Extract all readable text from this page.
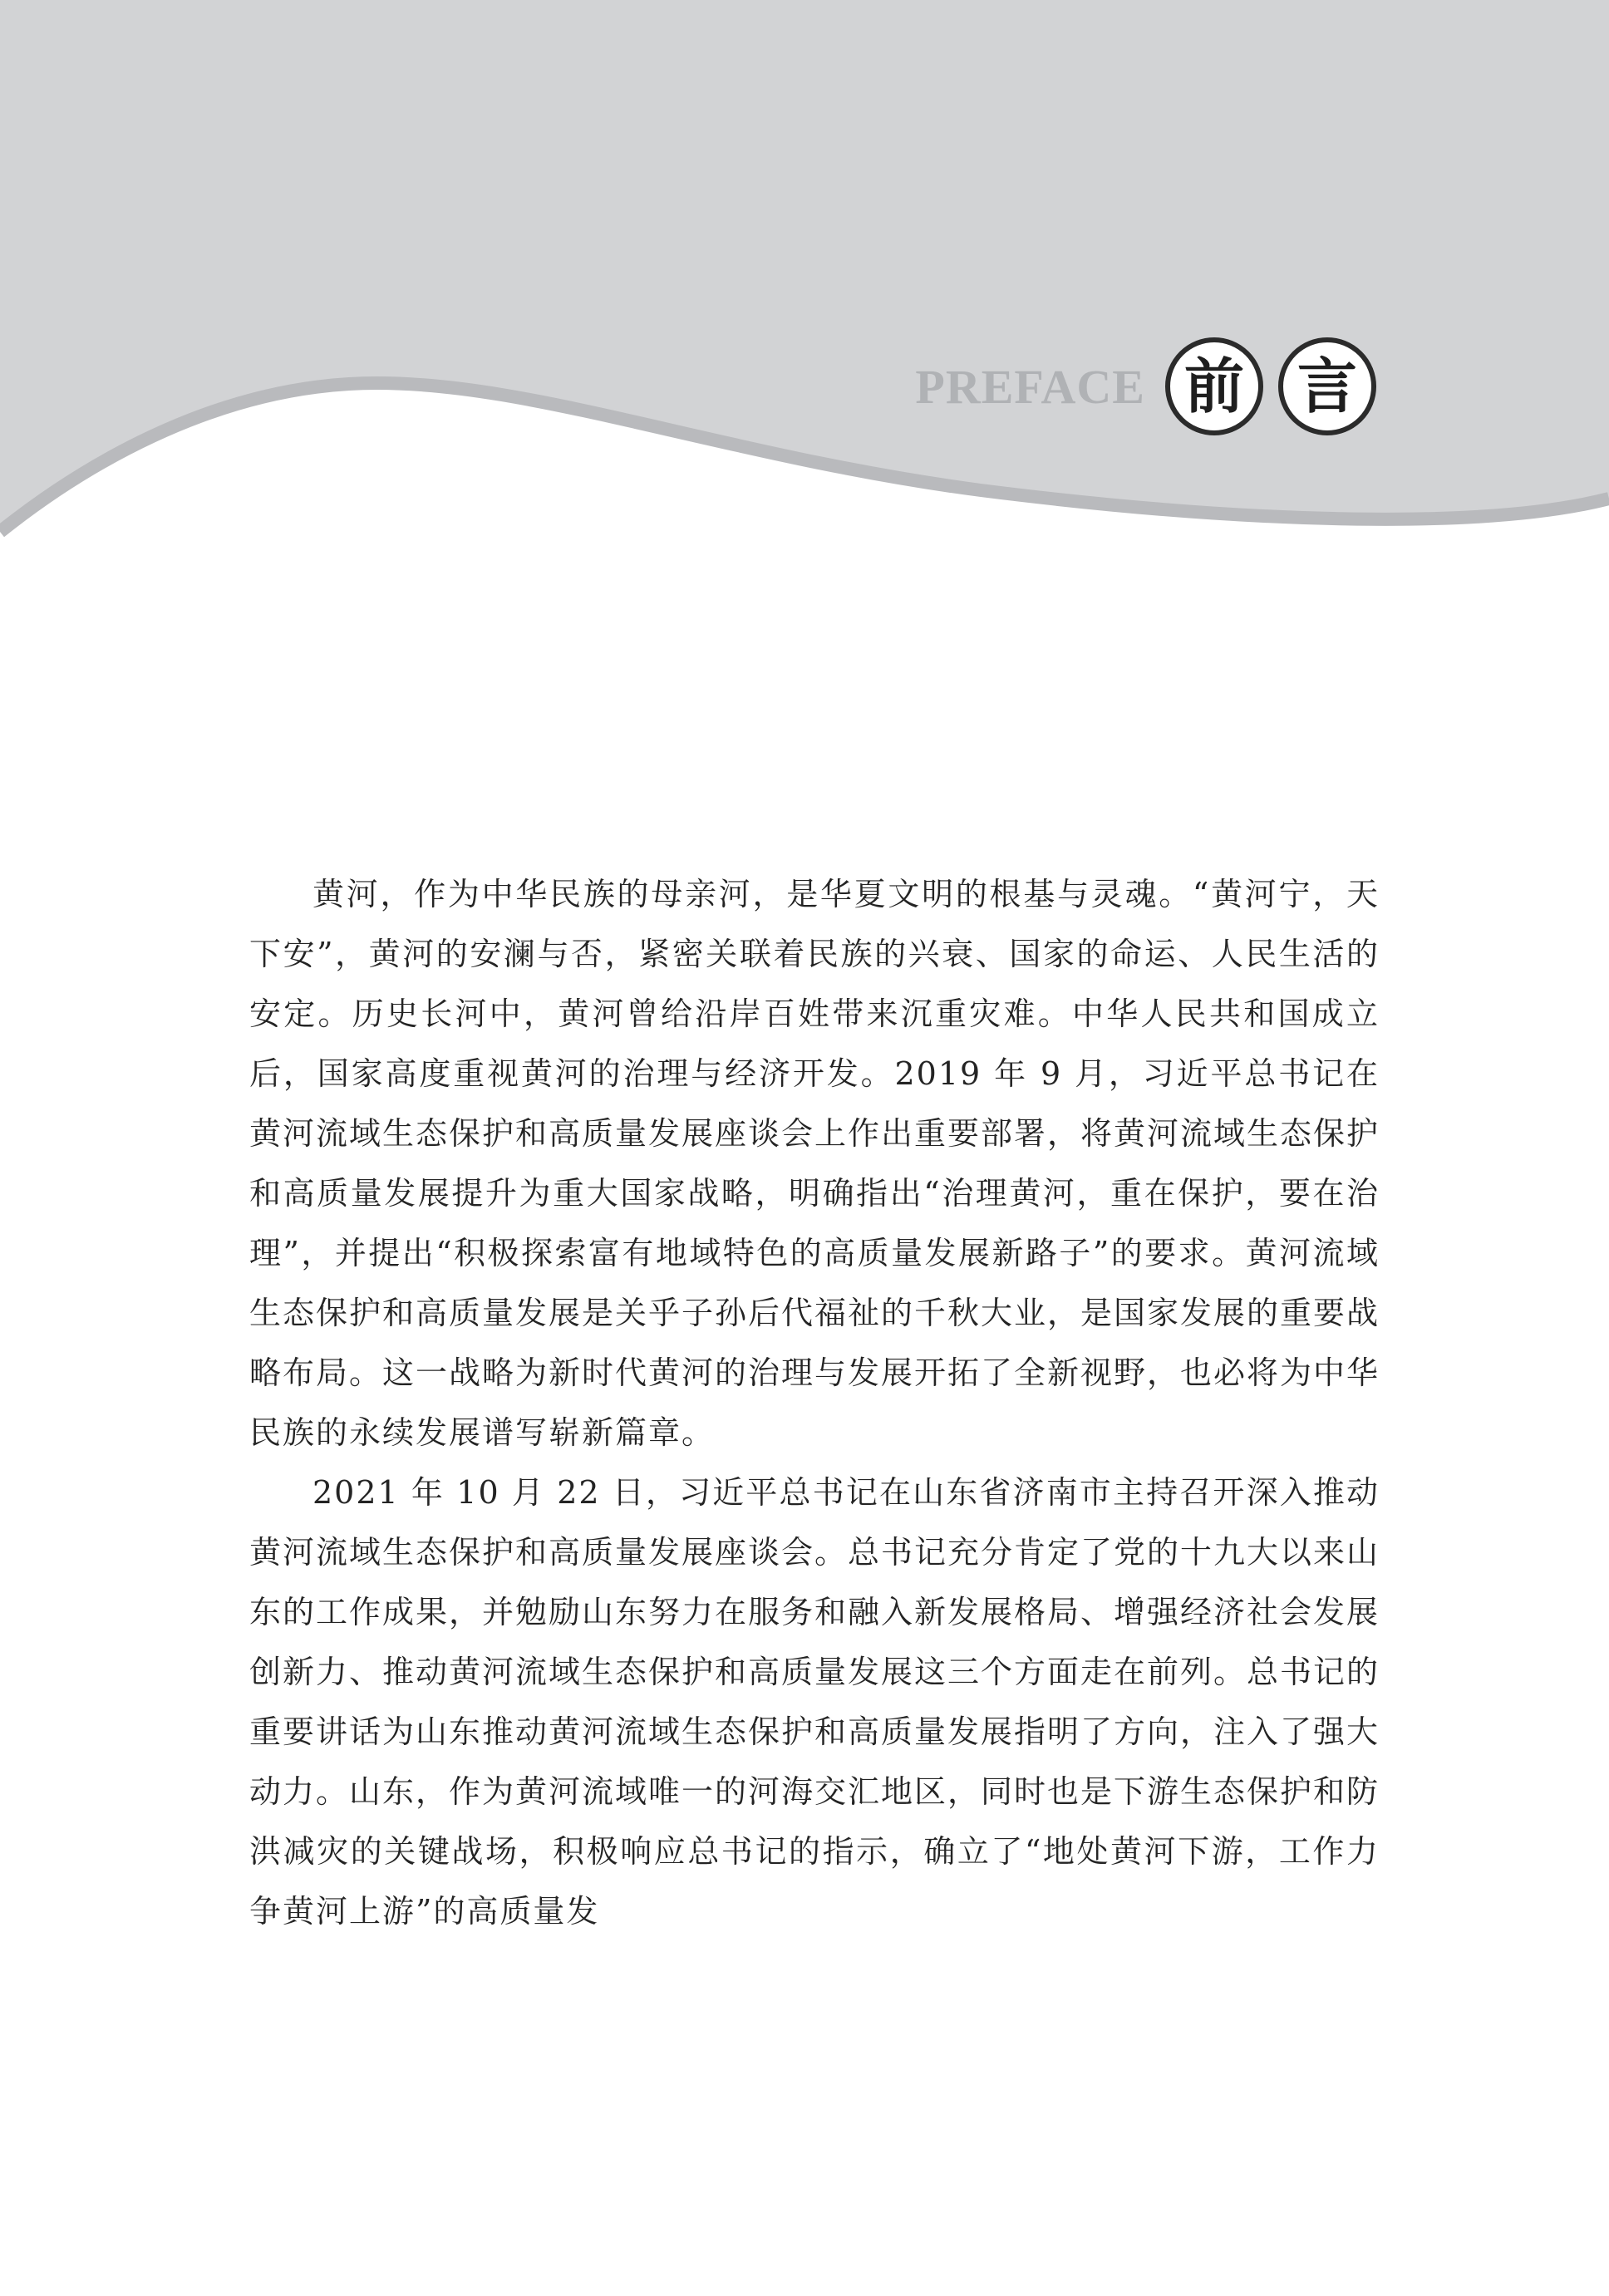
PREFACE 前 言

黄河，作为中华民族的母亲河，是华夏文明的根基与灵魂。“黄河宁，天下安”，黄河的安澜与否，紧密关联着民族的兴衰、国家的命运、人民生活的安定。历史长河中，黄河曾给沿岸百姓带来沉重灾难。中华人民共和国成立后，国家高度重视黄河的治理与经济开发。2019 年 9 月，习近平总书记在黄河流域生态保护和高质量发展座谈会上作出重要部署，将黄河流域生态保护和高质量发展提升为重大国家战略，明确指出“治理黄河，重在保护，要在治理”，并提出“积极探索富有地域特色的高质量发展新路子”的要求。黄河流域生态保护和高质量发展是关乎子孙后代福祉的千秋大业，是国家发展的重要战略布局。这一战略为新时代黄河的治理与发展开拓了全新视野，也必将为中华民族的永续发展谱写崭新篇章。

2021 年 10 月 22 日，习近平总书记在山东省济南市主持召开深入推动黄河流域生态保护和高质量发展座谈会。总书记充分肯定了党的十九大以来山东的工作成果，并勉励山东努力在服务和融入新发展格局、增强经济社会发展创新力、推动黄河流域生态保护和高质量发展这三个方面走在前列。总书记的重要讲话为山东推动黄河流域生态保护和高质量发展指明了方向，注入了强大动力。山东，作为黄河流域唯一的河海交汇地区，同时也是下游生态保护和防洪减灾的关键战场，积极响应总书记的指示，确立了“地处黄河下游，工作力争黄河上游”的高质量发
